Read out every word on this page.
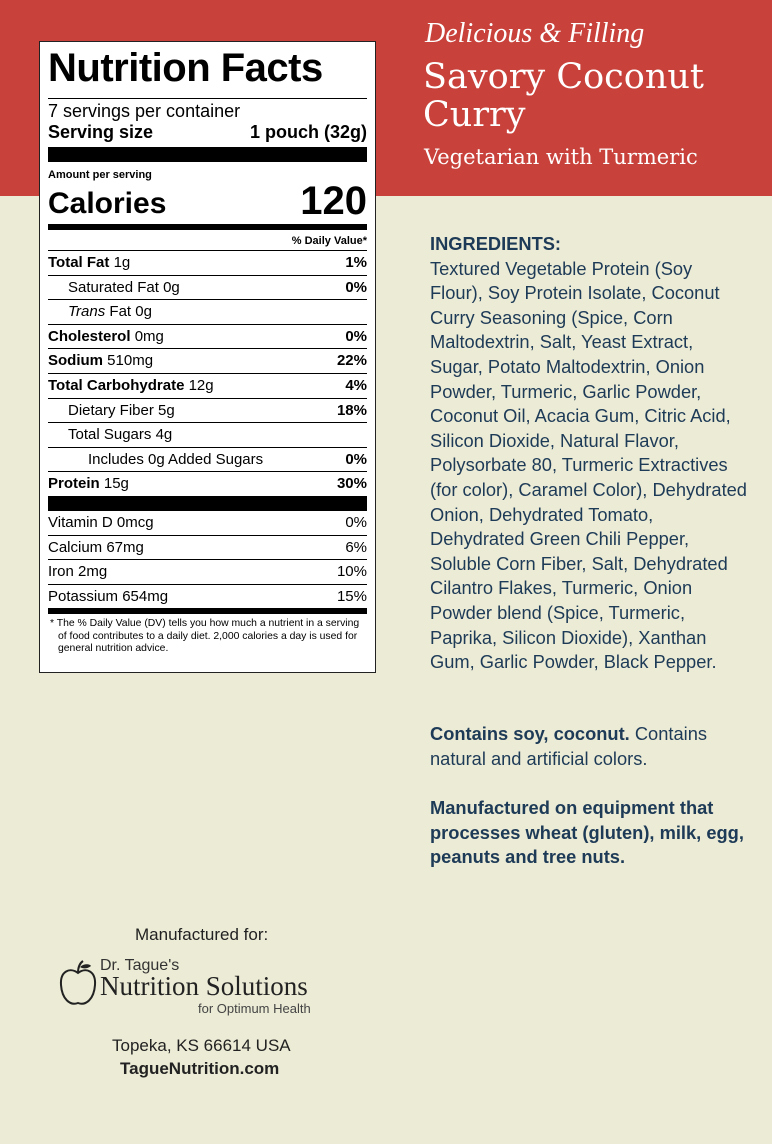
Delicious & Filling
Savory Coconut
Curry
Vegetarian with Turmeric
Nutrition Facts
7 servings per container
Serving size	1 pouch (32g)
Amount per serving
Calories	120
% Daily Value*
Total Fat 1g	1%
Saturated Fat 0g	0%
Trans Fat 0g
Cholesterol 0mg	0%
Sodium 510mg	22%
Total Carbohydrate 12g	4%
Dietary Fiber 5g	18%
Total Sugars 4g
Includes 0g Added Sugars	0%
Protein 15g	30%
Vitamin D 0mcg	0%
Calcium 67mg	6%
Iron 2mg	10%
Potassium 654mg	15%
* The % Daily Value (DV) tells you how much a nutrient in a serving of food contributes to a daily diet. 2,000 calories a day is used for general nutrition advice.
INGREDIENTS:
Textured Vegetable Protein (Soy Flour), Soy Protein Isolate, Coconut Curry Seasoning (Spice, Corn Maltodextrin, Salt, Yeast Extract, Sugar, Potato Maltodextrin, Onion Powder, Turmeric, Garlic Powder, Coconut Oil, Acacia Gum, Citric Acid, Silicon Dioxide, Natural Flavor, Polysorbate 80, Turmeric Extractives (for color), Caramel Color), Dehydrated Onion, Dehydrated Tomato, Dehydrated Green Chili Pepper, Soluble Corn Fiber, Salt, Dehydrated Cilantro Flakes, Turmeric, Onion Powder blend (Spice, Turmeric, Paprika, Silicon Dioxide), Xanthan Gum, Garlic Powder, Black Pepper.
Contains soy, coconut. Contains natural and artificial colors.
Manufactured on equipment that processes wheat (gluten), milk, egg, peanuts and tree nuts.
Manufactured for:
Dr. Tague's
Nutrition Solutions
for Optimum Health
Topeka, KS 66614 USA
TagueNutrition.com
